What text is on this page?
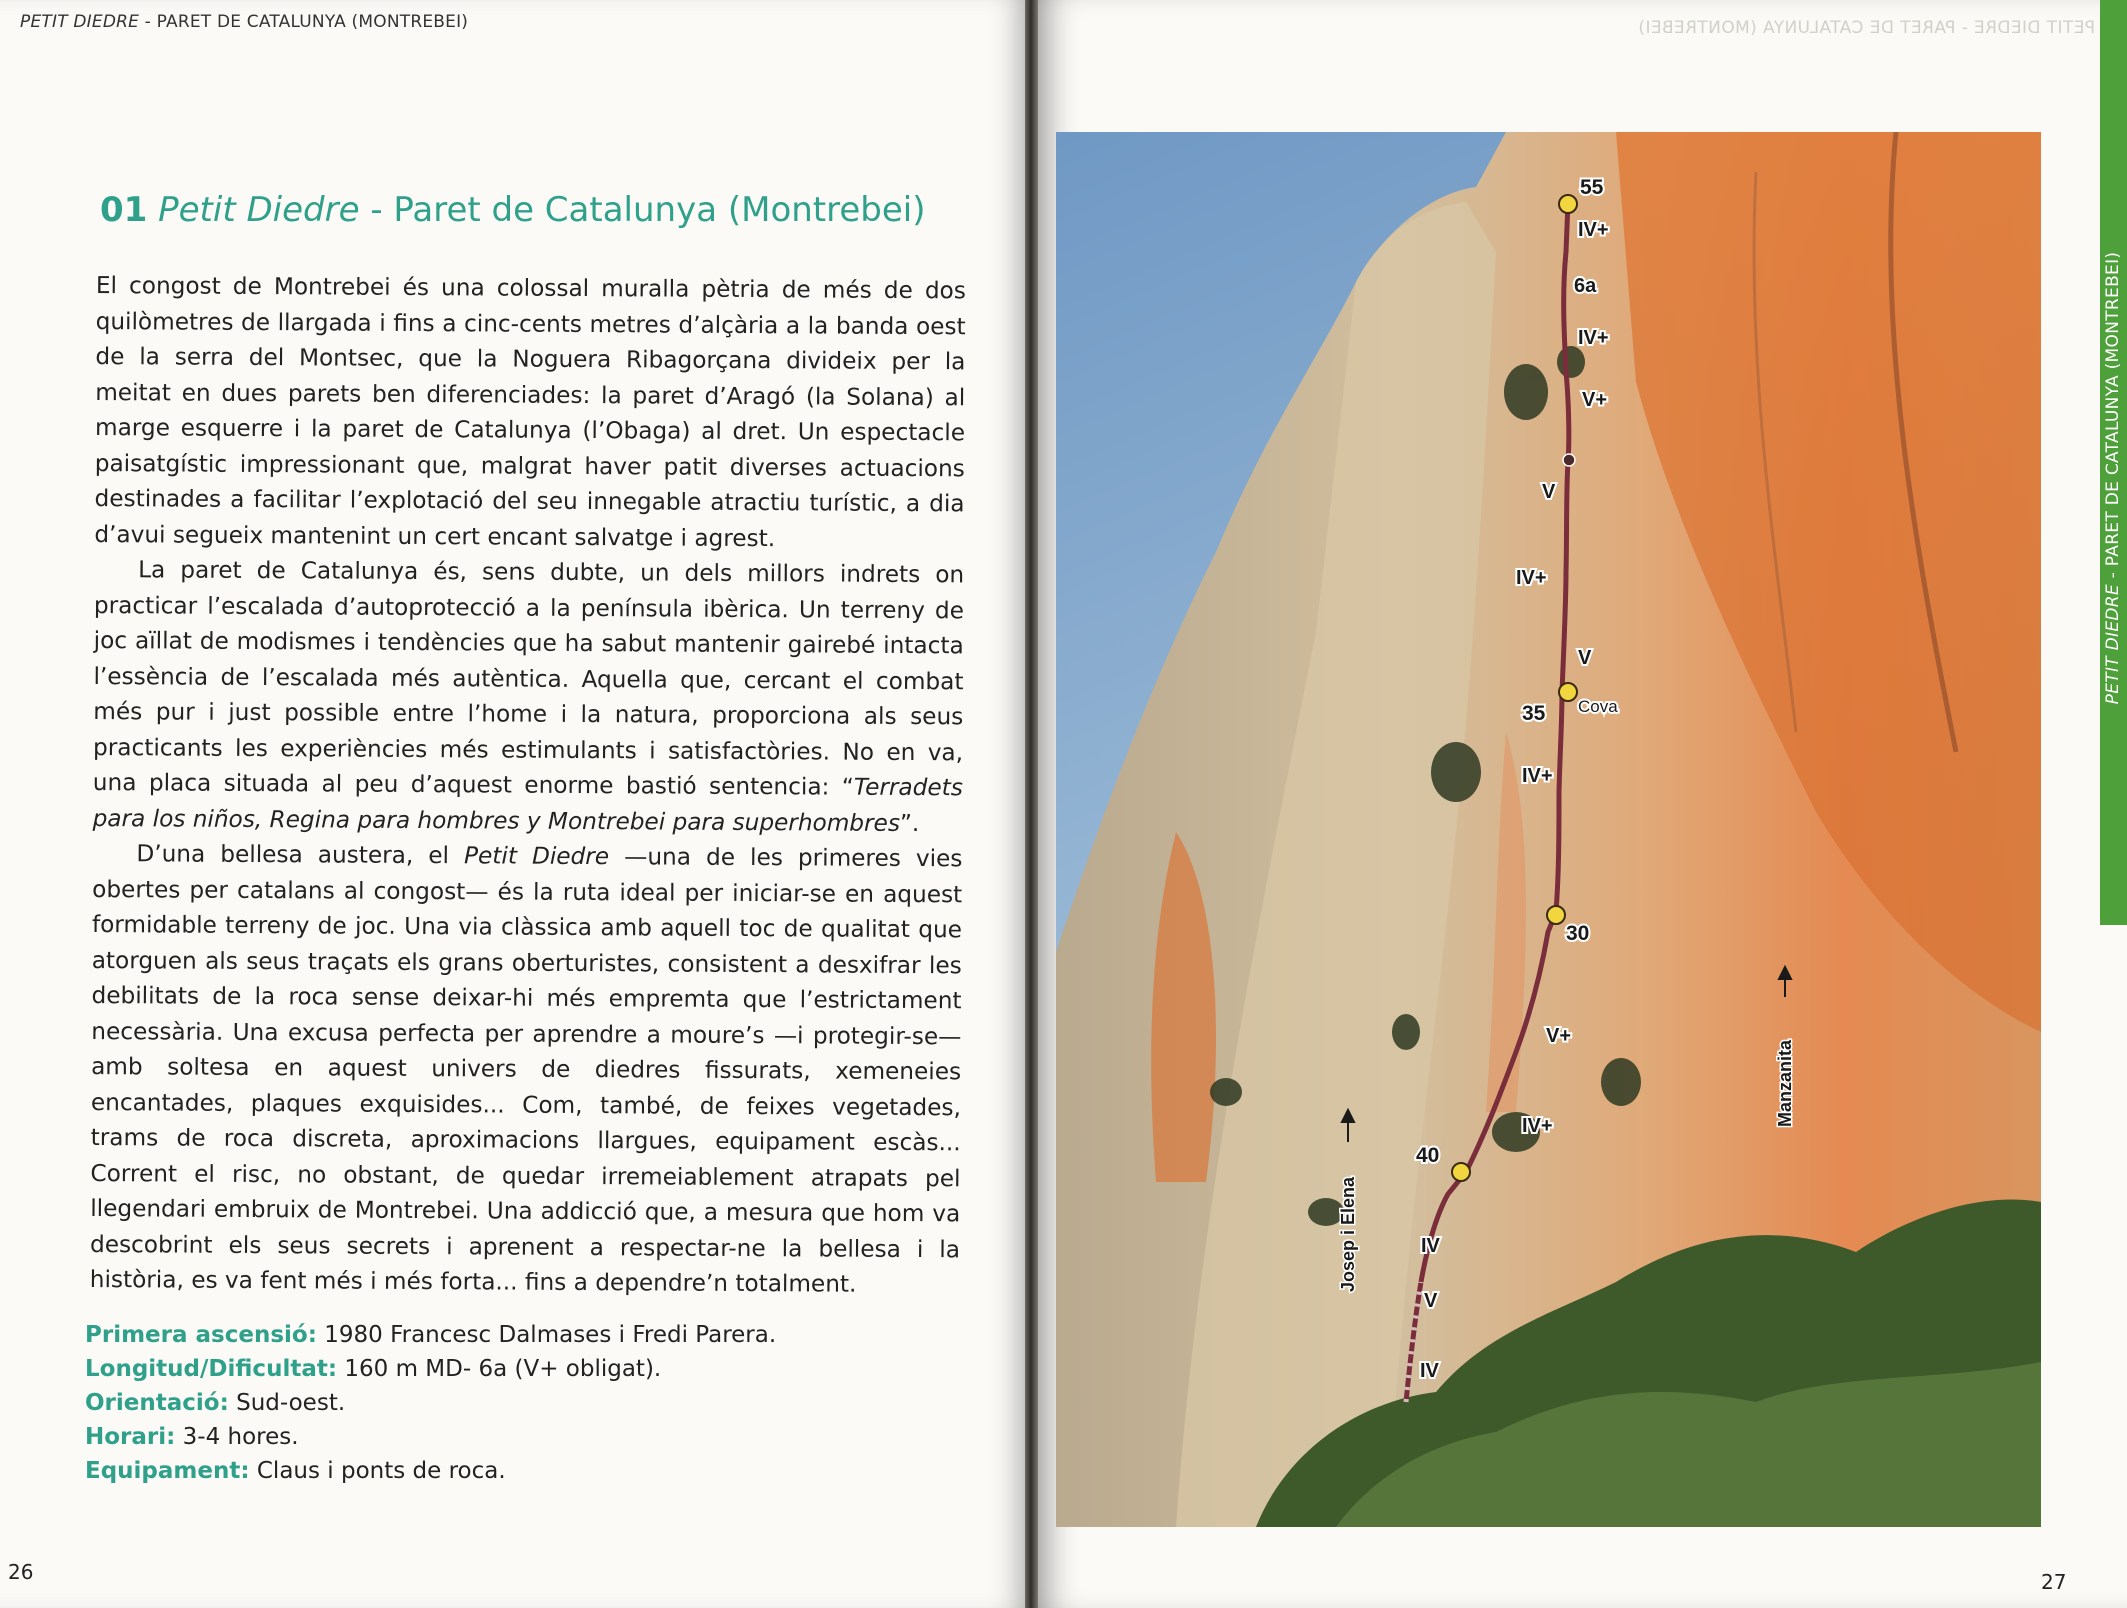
PETIT DIEDRE - PARET DE CATALUNYA (MONTREBEI)
01 Petit Diedre - Paret de Catalunya (Montrebei)

El congost de Montrebei és una colossal muralla pètria de més de dos quilòmetres de llargada i fins a cinc-cents metres d’alçària a la banda oest de la serra del Montsec, que la Noguera Ribagorçana divideix per la meitat en dues parets ben diferenciades: la paret d’Aragó (la Solana) al marge esquerre i la paret de Catalunya (l’Obaga) al dret. Un espectacle paisatgístic impressionant que, malgrat haver patit diverses actuacions destinades a facilitar l’explotació del seu innegable atractiu turístic, a dia d’avui segueix mantenint un cert encant salvatge i agrest.

La paret de Catalunya és, sens dubte, un dels millors indrets on practicar l’escalada d’autoprotecció a la península ibèrica. Un terreny de joc aïllat de modismes i tendències que ha sabut mantenir gairebé intacta l’essència de l’escalada més autèntica. Aquella que, cercant el combat més pur i just possible entre l’home i la natura, proporciona als seus practicants les experiències més estimulants i satisfactòries. No en va, una placa situada al peu d’aquest enorme bastió sentencia: “Terradets para los niños, Regina para hombres y Montrebei para superhombres”.

D’una bellesa austera, el Petit Diedre —una de les primeres vies obertes per catalans al congost— és la ruta ideal per iniciar-se en aquest formidable terreny de joc. Una via clàssica amb aquell toc de qualitat que atorguen als seus traçats els grans oberturistes, consistent a desxifrar les debilitats de la roca sense deixar-hi més empremta que l’estrictament necessària. Una excusa perfecta per aprendre a moure’s —i protegir-se— amb soltesa en aquest univers de diedres fissurats, xemeneies encantades, plaques exquisides... Com, també, de feixes vegetades, trams de roca discreta, aproximacions llargues, equipament escàs... Corrent el risc, no obstant, de quedar irremeiablement atrapats pel llegendari embruix de Montrebei. Una addicció que, a mesura que hom va descobrint els seus secrets i aprenent a respectar-ne la bellesa i la història, es va fent més i més forta... fins a dependre’n totalment.

Primera ascensió: 1980 Francesc Dalmases i Fredi Parera.
Longitud/Dificultat: 160 m MD- 6a (V+ obligat).
Orientació: Sud-oest.
Horari: 3-4 hores.
Equipament: Claus i ponts de roca.
26
PETIT DIEDRE - PARET DE CATALUNYA (MONTREBEI)
PETIT DIEDRE - PARET DE CATALUNYA (MONTREBEI)
55
Cova
35
30
40
IV+
6a
IV+
V+
V
IV+
V
IV+
V+
IV+
IV
V
IV
Josep i Elena
Manzanita
27
